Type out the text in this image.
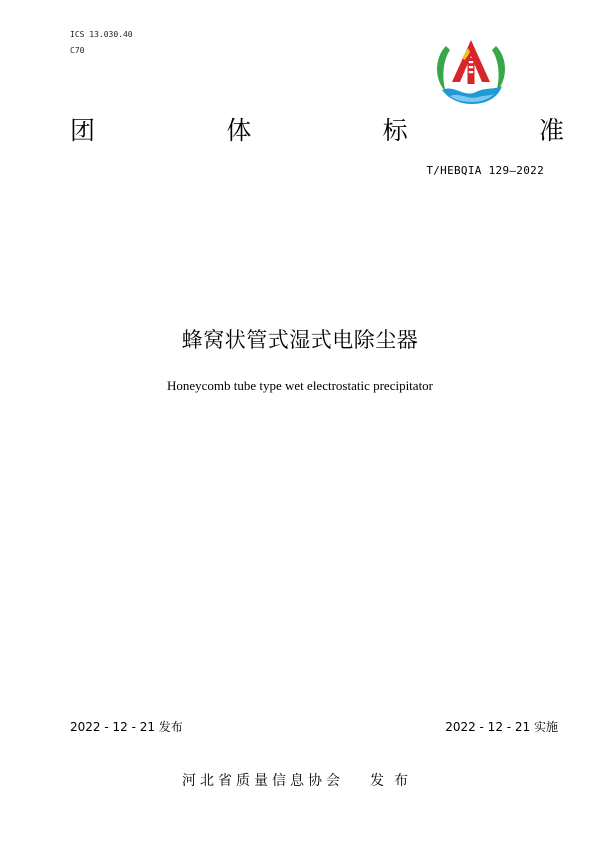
ICS 13.030.40
C70
团	体	标	准
T/HEBQIA 129—2022
蜂窝状管式湿式电除尘器
Honeycomb tube type wet electrostatic precipitator
2022 - 12 - 21 发布	2022 - 12 - 21 实施
河北省质量信息协会 发布
